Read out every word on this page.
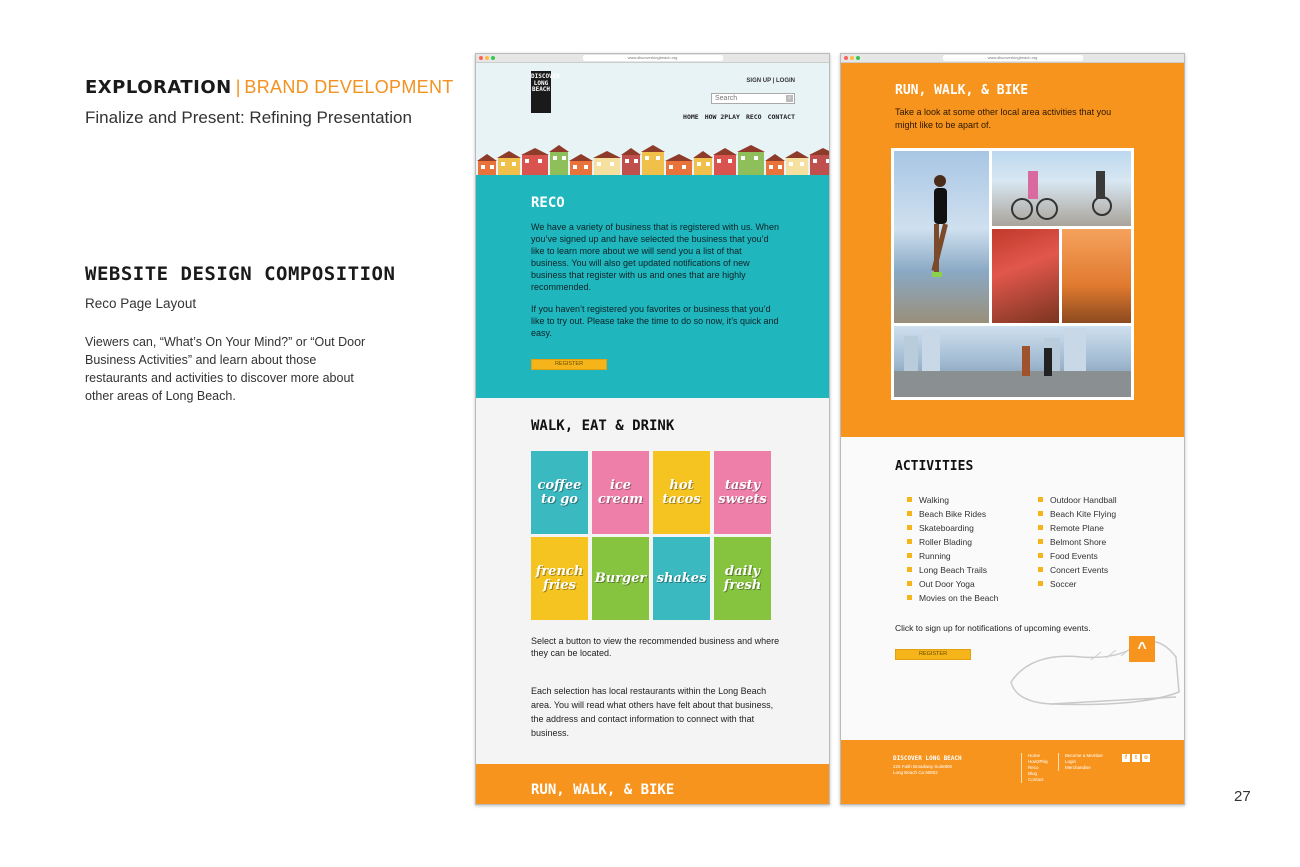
EXPLORATION | BRAND DEVELOPMENT
Finalize and Present: Refining Presentation
WEBSITE DESIGN COMPOSITION
Reco Page Layout
Viewers can, “What’s On Your Mind?” or “Out Door Business Activities” and learn about those restaurants and activities to discover more about other areas of Long Beach.
27
www.discoverlongbeach.org
DISCOVER LONG BEACH
SIGN UP | LOGIN
Search	⌕
HOME HOW 2PLAY RECO CONTACT
RECO
We have a variety of business that is registered with us. When you’ve signed up and have selected the business that you’d like to learn more about we will send you a list of that business. You will also get updated notifications of new business that register with us and ones that are highly recommended.
If you haven’t registered you favorites or business that you’d like to try out. Please take the time to do so now, it’s quick and easy.
REGISTER
WALK, EAT & DRINK
coffee to go
ice cream
hot tacos
tasty sweets
french fries	Burger shakes	daily fresh
Select a button to view the recommended business and where they can be located.
Each selection has local restaurants within the Long Beach area. You will read what others have felt about that business, the address and contact information to connect with that business.
RUN, WALK, & BIKE
www.discoverlongbeach.org
RUN, WALK, & BIKE
Take a look at some other local area activities that you might like to be apart of.
ACTIVITIES
Walking
Beach Bike Rides
Skateboarding
Roller Blading
Running
Long Beach Trails
Out Door Yoga
Movies on the Beach
Outdoor Handball
Beach Kite Flying
Remote Plane
Belmont Shore
Food Events
Concert Events
Soccer
Click to sign up for notifications of upcoming events.
REGISTER	^
DISCOVER LONG BEACH
225 Faith Broadway Suite800
Long Beach Ca 90802
Home
How2Play
Reco
Blog
Contact
Become a Member
Login
Merchandise
f	t	o
